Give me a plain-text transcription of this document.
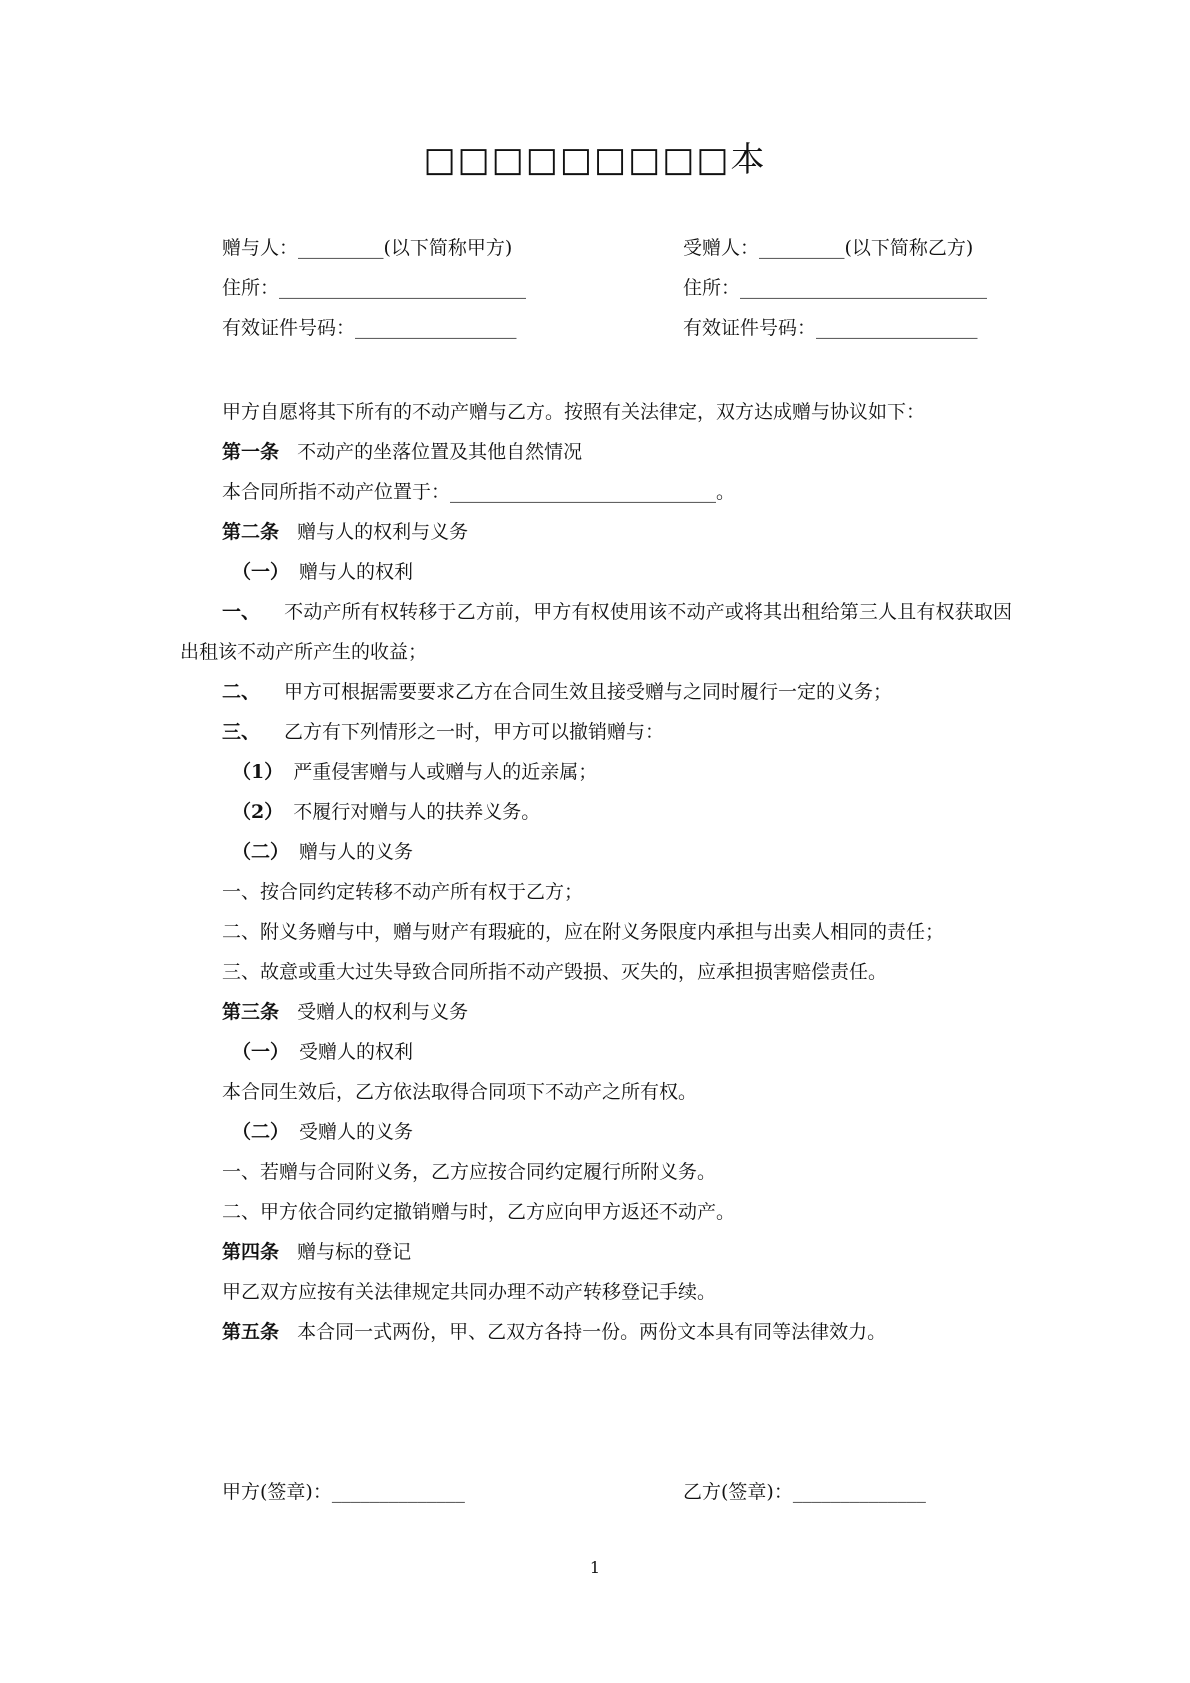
□□□□□□□□□本
赠与人：_________(以下简称甲方)
住所：__________________________
有效证件号码：_________________
受赠人：_________(以下简称乙方)
住所：__________________________
有效证件号码：_________________
甲方自愿将其下所有的不动产赠与乙方。按照有关法律定，双方达成赠与协议如下：
第一条 不动产的坐落位置及其他自然情况
本合同所指不动产位置于：____________________________。
第二条 赠与人的权利与义务
（一） 赠与人的权利
一、 不动产所有权转移于乙方前，甲方有权使用该不动产或将其出租给第三人且有权获取因出租该不动产所产生的收益；
二、 甲方可根据需要要求乙方在合同生效且接受赠与之同时履行一定的义务；
三、 乙方有下列情形之一时，甲方可以撤销赠与：
（1） 严重侵害赠与人或赠与人的近亲属；
（2） 不履行对赠与人的扶养义务。
（二） 赠与人的义务
一、按合同约定转移不动产所有权于乙方；
二、附义务赠与中，赠与财产有瑕疵的，应在附义务限度内承担与出卖人相同的责任；
三、故意或重大过失导致合同所指不动产毁损、灭失的，应承担损害赔偿责任。
第三条 受赠人的权利与义务
（一） 受赠人的权利
本合同生效后，乙方依法取得合同项下不动产之所有权。
（二） 受赠人的义务
一、若赠与合同附义务，乙方应按合同约定履行所附义务。
二、甲方依合同约定撤销赠与时，乙方应向甲方返还不动产。
第四条 赠与标的登记
甲乙双方应按有关法律规定共同办理不动产转移登记手续。
第五条 本合同一式两份，甲、乙双方各持一份。两份文本具有同等法律效力。
甲方(签章)：______________	乙方(签章)：______________
1
